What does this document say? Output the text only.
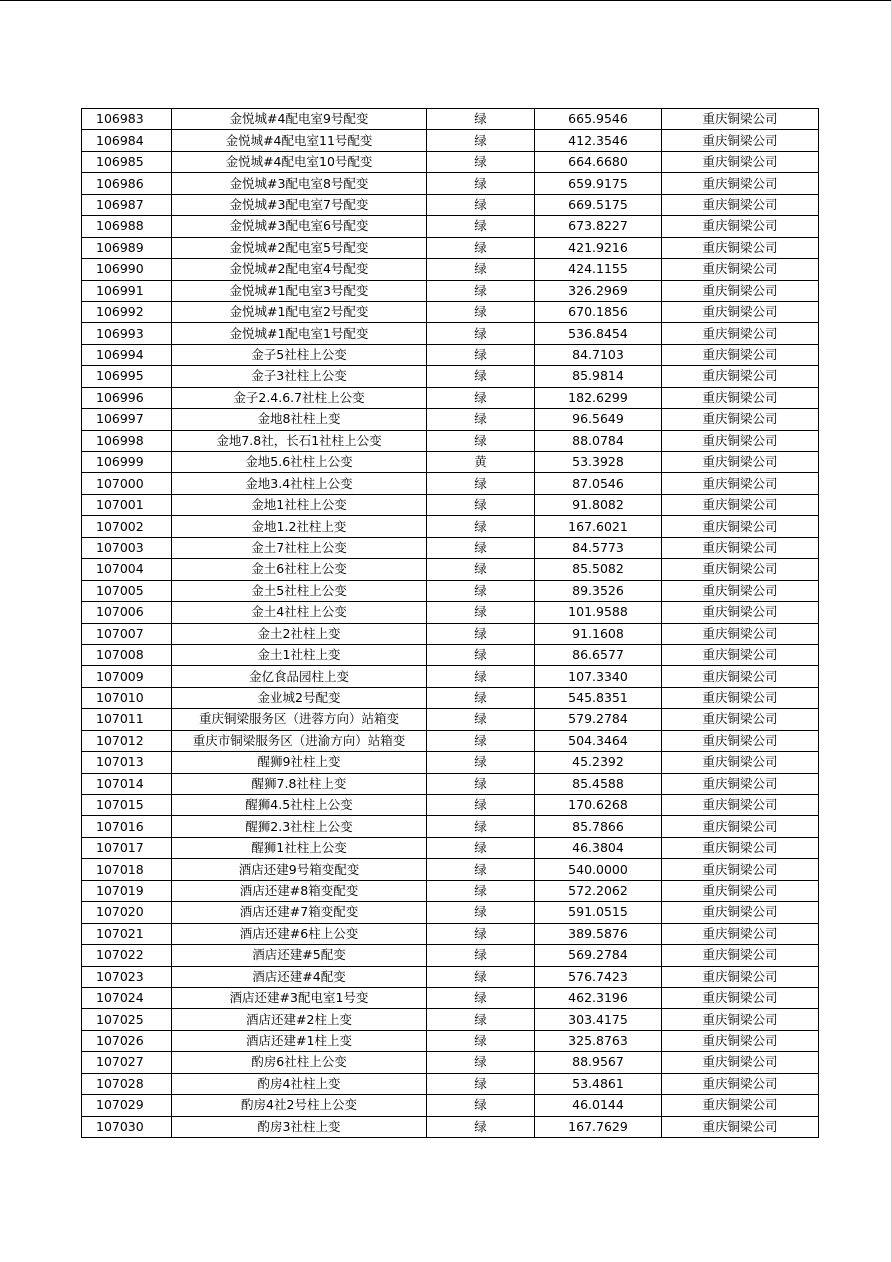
106983	金悦城#4配电室9号配变	绿	665.9546	重庆铜梁公司
106984	金悦城#4配电室11号配变	绿	412.3546	重庆铜梁公司
106985	金悦城#4配电室10号配变	绿	664.6680	重庆铜梁公司
106986	金悦城#3配电室8号配变	绿	659.9175	重庆铜梁公司
106987	金悦城#3配电室7号配变	绿	669.5175	重庆铜梁公司
106988	金悦城#3配电室6号配变	绿	673.8227	重庆铜梁公司
106989	金悦城#2配电室5号配变	绿	421.9216	重庆铜梁公司
106990	金悦城#2配电室4号配变	绿	424.1155	重庆铜梁公司
106991	金悦城#1配电室3号配变	绿	326.2969	重庆铜梁公司
106992	金悦城#1配电室2号配变	绿	670.1856	重庆铜梁公司
106993	金悦城#1配电室1号配变	绿	536.8454	重庆铜梁公司
106994	金子5社柱上公变	绿	84.7103	重庆铜梁公司
106995	金子3社柱上公变	绿	85.9814	重庆铜梁公司
106996	金子2.4.6.7社柱上公变	绿	182.6299	重庆铜梁公司
106997	金地8社柱上变	绿	96.5649	重庆铜梁公司
106998	金地7.8社，长石1社柱上公变	绿	88.0784	重庆铜梁公司
106999	金地5.6社柱上公变	黄	53.3928	重庆铜梁公司
107000	金地3.4社柱上公变	绿	87.0546	重庆铜梁公司
107001	金地1社柱上公变	绿	91.8082	重庆铜梁公司
107002	金地1.2社柱上变	绿	167.6021	重庆铜梁公司
107003	金土7社柱上公变	绿	84.5773	重庆铜梁公司
107004	金土6社柱上公变	绿	85.5082	重庆铜梁公司
107005	金土5社柱上公变	绿	89.3526	重庆铜梁公司
107006	金土4社柱上公变	绿	101.9588	重庆铜梁公司
107007	金土2社柱上变	绿	91.1608	重庆铜梁公司
107008	金土1社柱上变	绿	86.6577	重庆铜梁公司
107009	金亿食品园柱上变	绿	107.3340	重庆铜梁公司
107010	金业城2号配变	绿	545.8351	重庆铜梁公司
107011	重庆铜梁服务区（进蓉方向）站箱变	绿	579.2784	重庆铜梁公司
107012	重庆市铜梁服务区（进渝方向）站箱变	绿	504.3464	重庆铜梁公司
107013	醒狮9社柱上变	绿	45.2392	重庆铜梁公司
107014	醒狮7.8社柱上变	绿	85.4588	重庆铜梁公司
107015	醒狮4.5社柱上公变	绿	170.6268	重庆铜梁公司
107016	醒狮2.3社柱上公变	绿	85.7866	重庆铜梁公司
107017	醒狮1社柱上公变	绿	46.3804	重庆铜梁公司
107018	酒店还建9号箱变配变	绿	540.0000	重庆铜梁公司
107019	酒店还建#8箱变配变	绿	572.2062	重庆铜梁公司
107020	酒店还建#7箱变配变	绿	591.0515	重庆铜梁公司
107021	酒店还建#6柱上公变	绿	389.5876	重庆铜梁公司
107022	酒店还建#5配变	绿	569.2784	重庆铜梁公司
107023	酒店还建#4配变	绿	576.7423	重庆铜梁公司
107024	酒店还建#3配电室1号变	绿	462.3196	重庆铜梁公司
107025	酒店还建#2柱上变	绿	303.4175	重庆铜梁公司
107026	酒店还建#1柱上变	绿	325.8763	重庆铜梁公司
107027	酌房6社柱上公变	绿	88.9567	重庆铜梁公司
107028	酌房4社柱上变	绿	53.4861	重庆铜梁公司
107029	酌房4社2号柱上公变	绿	46.0144	重庆铜梁公司
107030	酌房3社柱上变	绿	167.7629	重庆铜梁公司
